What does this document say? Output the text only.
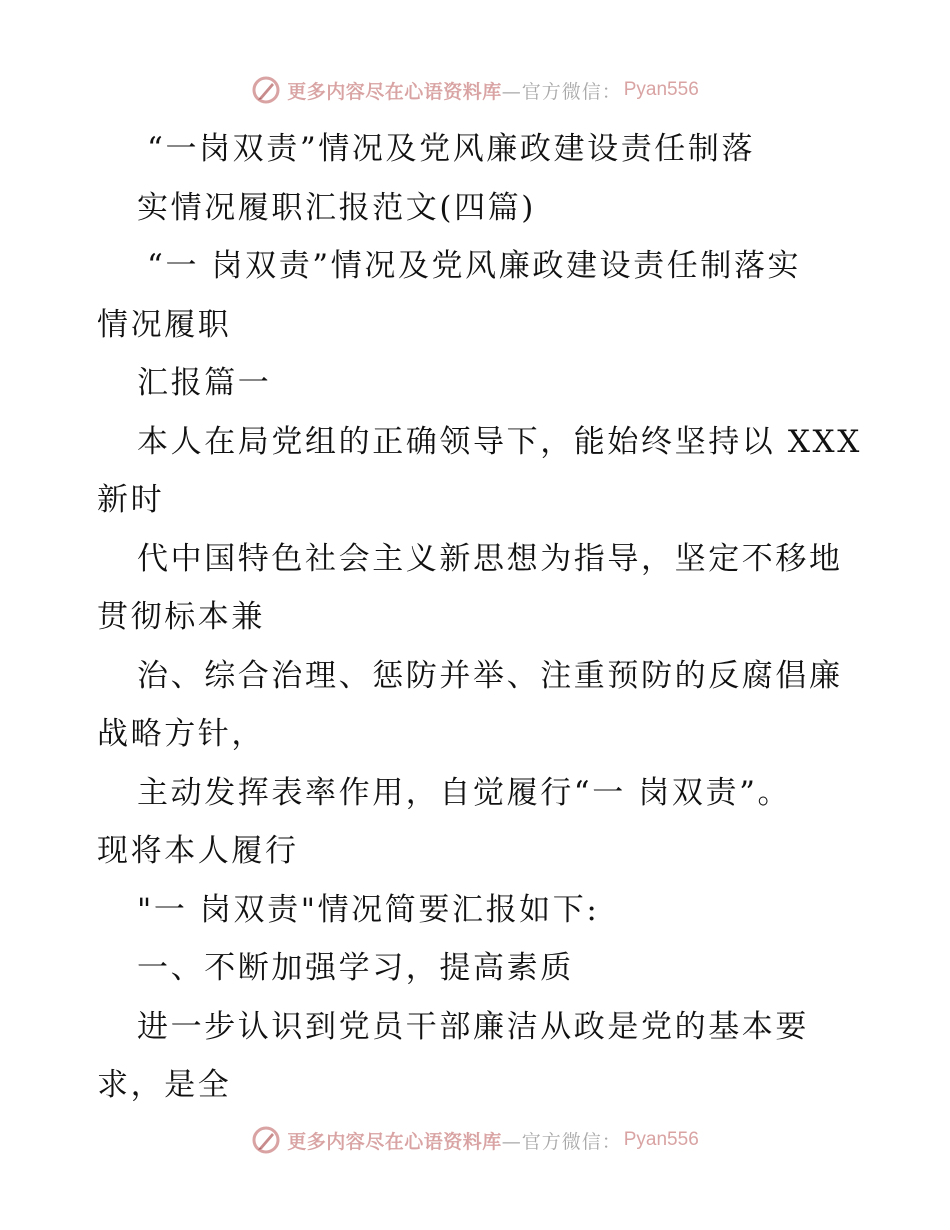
更多内容尽在心语资料库 —官方微信： Pyan556
“一岗双责”情况及党风廉政建设责任制落
实情况履职汇报范文(四篇)
“一 岗双责”情况及党风廉政建设责任制落实
情况履职
汇报篇一
本人在局党组的正确领导下，能始终坚持以 XXX
新时
代中国特色社会主义新思想为指导，坚定不移地
贯彻标本兼
治、综合治理、惩防并举、注重预防的反腐倡廉
战略方针，
主动发挥表率作用，自觉履行“一 岗双责”。
现将本人履行
"一 岗双责"情况简要汇报如下:
一、不断加强学习，提高素质
进一步认识到党员干部廉洁从政是党的基本要
求，是全
更多内容尽在心语资料库 —官方微信： Pyan556
